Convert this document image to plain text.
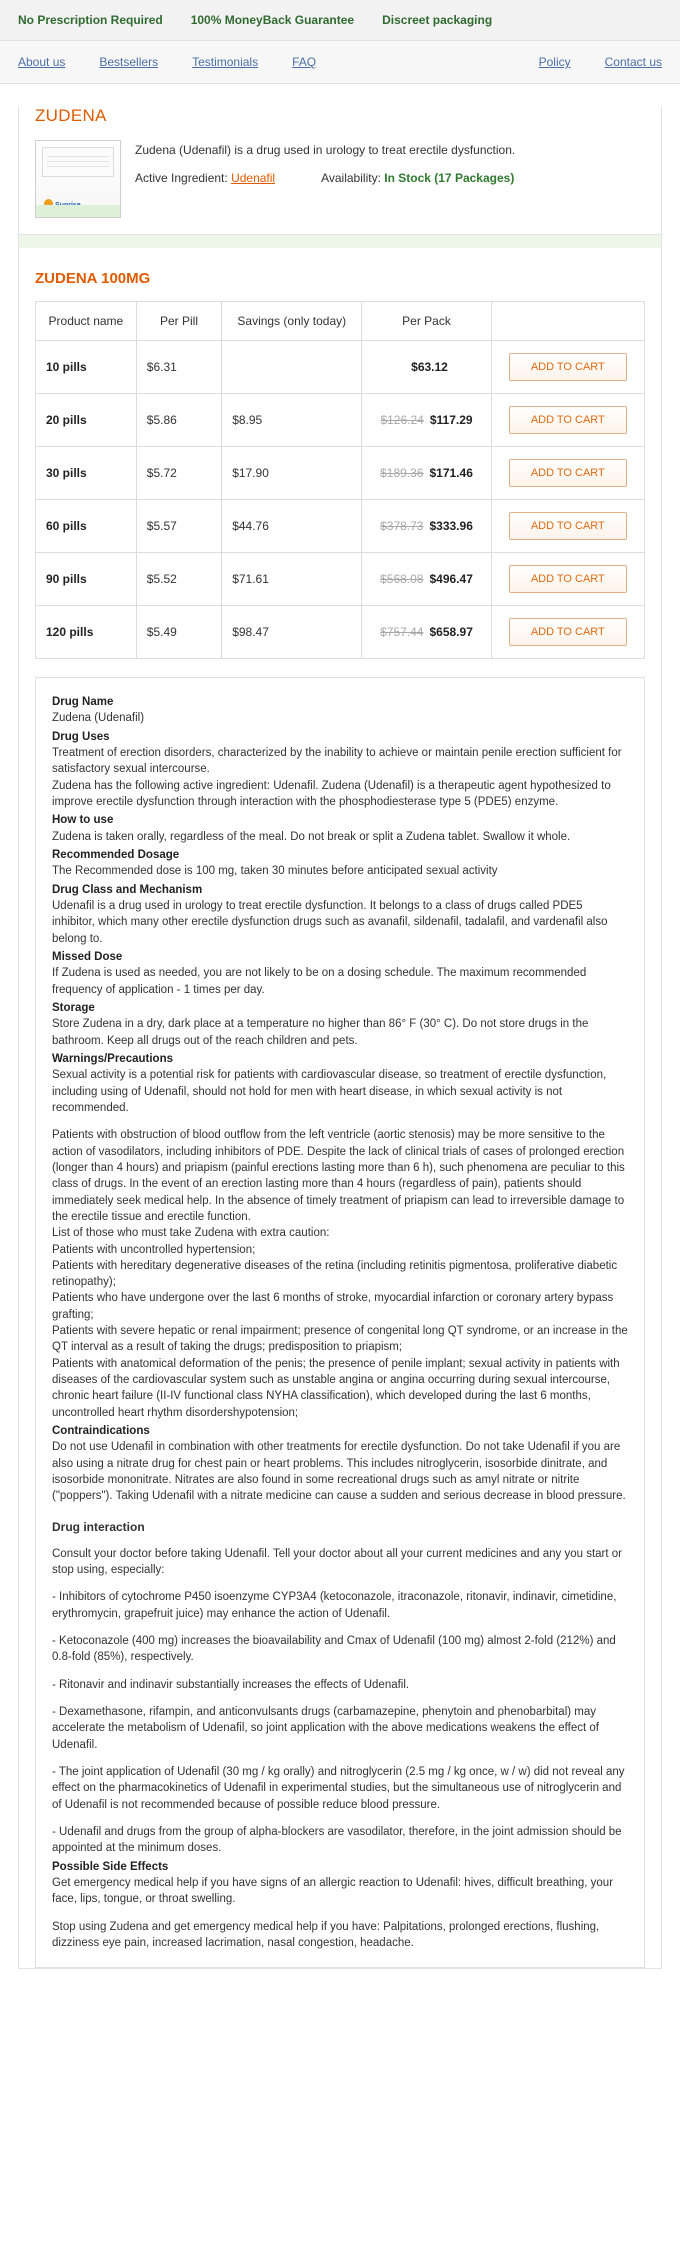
No Prescription Required 100% MoneyBack Guarantee Discreet packaging
About us	Bestsellers	Testimonials	FAQ	Policy	Contact us
ZUDENA

Zudena (Udenafil) is a drug used in urology to treat erectile dysfunction.

Active Ingredient: Udenafil	Availability: In Stock (17 Packages)
ZUDENA 100MG
Product name	Per Pill	Savings (only today)	Per Pack	
10 pills	$6.31		$63.12	ADD TO CART
20 pills	$5.86	$8.95	$126.24 $117.29	ADD TO CART
30 pills	$5.72	$17.90	$189.36 $171.46	ADD TO CART
60 pills	$5.57	$44.76	$378.73 $333.96	ADD TO CART
90 pills	$5.52	$71.61	$568.08 $496.47	ADD TO CART
120 pills	$5.49	$98.47	$757.44 $658.97	ADD TO CART
Drug Name
Zudena (Udenafil)
Drug Uses
Treatment of erection disorders, characterized by the inability to achieve or maintain penile erection sufficient for satisfactory sexual intercourse.
Zudena has the following active ingredient: Udenafil. Zudena (Udenafil) is a therapeutic agent hypothesized to improve erectile dysfunction through interaction with the phosphodiesterase type 5 (PDE5) enzyme.
How to use
Zudena is taken orally, regardless of the meal. Do not break or split a Zudena tablet. Swallow it whole.
Recommended Dosage
The Recommended dose is 100 mg, taken 30 minutes before anticipated sexual activity
Drug Class and Mechanism
Udenafil is a drug used in urology to treat erectile dysfunction. It belongs to a class of drugs called PDE5 inhibitor, which many other erectile dysfunction drugs such as avanafil, sildenafil, tadalafil, and vardenafil also belong to.
Missed Dose
If Zudena is used as needed, you are not likely to be on a dosing schedule. The maximum recommended frequency of application - 1 times per day.
Storage
Store Zudena in a dry, dark place at a temperature no higher than 86° F (30° C). Do not store drugs in the bathroom. Keep all drugs out of the reach children and pets.
Warnings/Precautions
Sexual activity is a potential risk for patients with cardiovascular disease, so treatment of erectile dysfunction, including using of Udenafil, should not hold for men with heart disease, in which sexual activity is not recommended.
Patients with obstruction of blood outflow from the left ventricle (aortic stenosis) may be more sensitive to the action of vasodilators, including inhibitors of PDE. Despite the lack of clinical trials of cases of prolonged erection (longer than 4 hours) and priapism (painful erections lasting more than 6 h), such phenomena are peculiar to this class of drugs. In the event of an erection lasting more than 4 hours (regardless of pain), patients should immediately seek medical help. In the absence of timely treatment of priapism can lead to irreversible damage to the erectile tissue and erectile function.
List of those who must take Zudena with extra caution:
Patients with uncontrolled hypertension;
Patients with hereditary degenerative diseases of the retina (including retinitis pigmentosa, proliferative diabetic retinopathy);
Patients who have undergone over the last 6 months of stroke, myocardial infarction or coronary artery bypass grafting;
Patients with severe hepatic or renal impairment; presence of congenital long QT syndrome, or an increase in the QT interval as a result of taking the drugs; predisposition to priapism;
Patients with anatomical deformation of the penis; the presence of penile implant; sexual activity in patients with diseases of the cardiovascular system such as unstable angina or angina occurring during sexual intercourse, chronic heart failure (II-IV functional class NYHA classification), which developed during the last 6 months, uncontrolled heart rhythm disordershypotension;
Contraindications
Do not use Udenafil in combination with other treatments for erectile dysfunction. Do not take Udenafil if you are also using a nitrate drug for chest pain or heart problems. This includes nitroglycerin, isosorbide dinitrate, and isosorbide mononitrate. Nitrates are also found in some recreational drugs such as amyl nitrate or nitrite ("poppers"). Taking Udenafil with a nitrate medicine can cause a sudden and serious decrease in blood pressure.
Drug interaction
Consult your doctor before taking Udenafil. Tell your doctor about all your current medicines and any you start or stop using, especially:
- Inhibitors of cytochrome P450 isoenzyme CYP3A4 (ketoconazole, itraconazole, ritonavir, indinavir, cimetidine, erythromycin, grapefruit juice) may enhance the action of Udenafil.
- Ketoconazole (400 mg) increases the bioavailability and Cmax of Udenafil (100 mg) almost 2-fold (212%) and 0.8-fold (85%), respectively.
- Ritonavir and indinavir substantially increases the effects of Udenafil.
- Dexamethasone, rifampin, and anticonvulsants drugs (carbamazepine, phenytoin and phenobarbital) may accelerate the metabolism of Udenafil, so joint application with the above medications weakens the effect of Udenafil.
- The joint application of Udenafil (30 mg / kg orally) and nitroglycerin (2.5 mg / kg once, w / w) did not reveal any effect on the pharmacokinetics of Udenafil in experimental studies, but the simultaneous use of nitroglycerin and of Udenafil is not recommended because of possible reduce blood pressure.
- Udenafil and drugs from the group of alpha-blockers are vasodilator, therefore, in the joint admission should be appointed at the minimum doses.
Possible Side Effects
Get emergency medical help if you have signs of an allergic reaction to Udenafil: hives, difficult breathing, your face, lips, tongue, or throat swelling.
Stop using Zudena and get emergency medical help if you have: Palpitations, prolonged erections, flushing, dizziness eye pain, increased lacrimation, nasal congestion, headache.
